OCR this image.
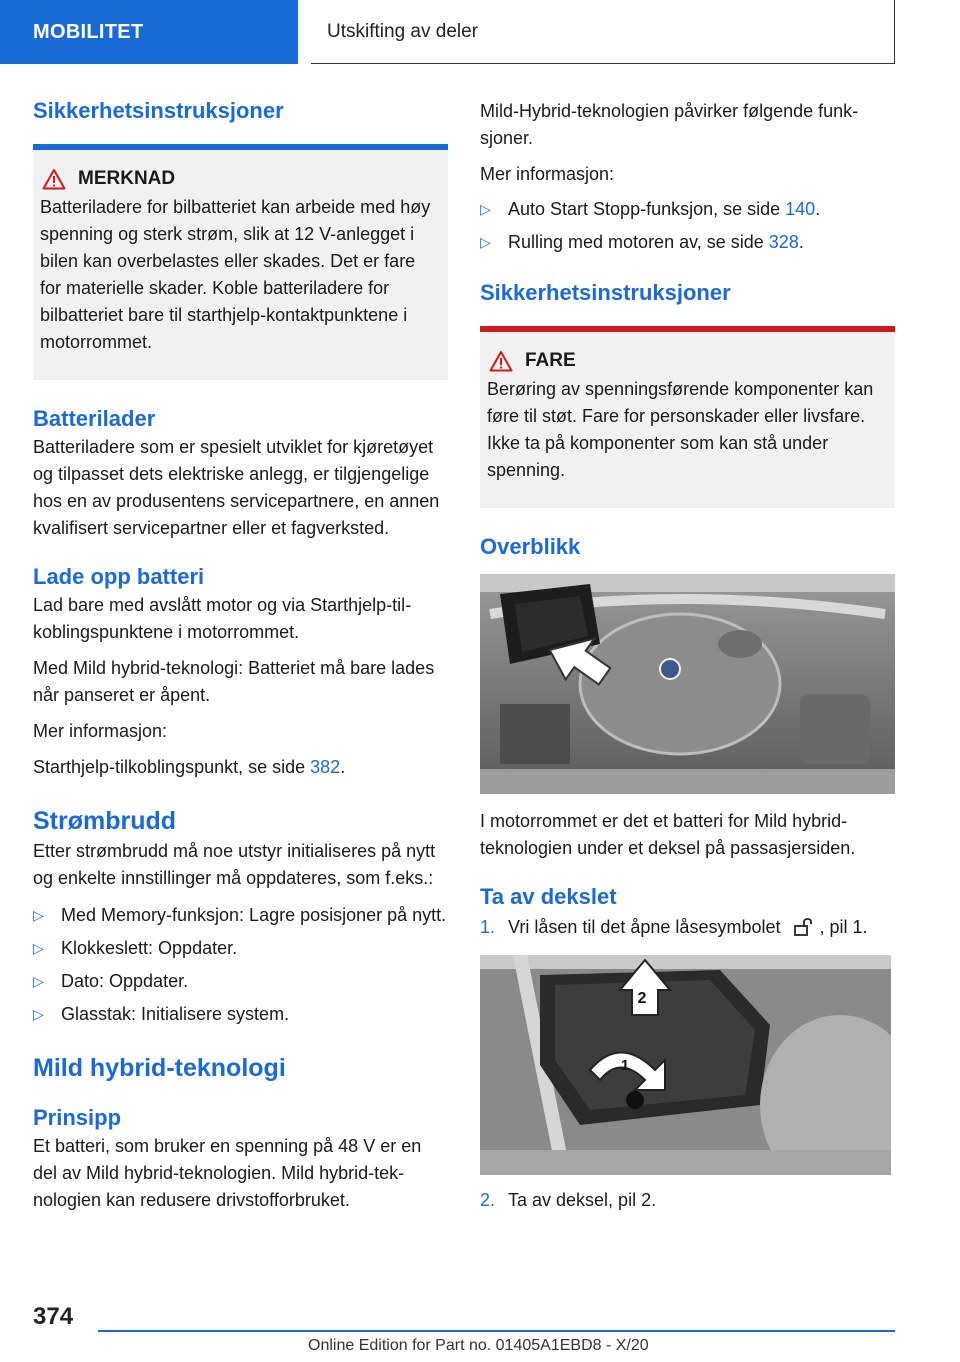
MOBILITET	Utskifting av deler
Sikkerhetsinstruksjoner
MERKNAD

Batteriladere for bilbatteriet kan arbeide med høy spenning og sterk strøm, slik at 12 V-anlegget i bilen kan overbelastes eller skades. Det er fare for materielle skader. Koble batteriladere for bilbatteriet bare til starthjelp-kontaktpunktene i motorrommet.

Batterilader

Batteriladere som er spesielt utviklet for kjøretøyet og tilpasset dets elektriske anlegg, er tilgjengelige hos en av produsentens servicepartnere, en annen kvalifisert servicepartner eller et fagverksted.

Lade opp batteri

Lad bare med avslått motor og via Starthjelp-tilkoblingspunktene i motorrommet.

Med Mild hybrid-teknologi: Batteriet må bare lades når panseret er åpent.

Mer informasjon:

Starthjelp-tilkoblingspunkt, se side 382.

Strømbrudd

Etter strømbrudd må noe utstyr initialiseres på nytt og enkelte innstillinger må oppdateres, som f.eks.:

▷ Med Memory-funksjon: Lagre posisjoner på nytt.
▷ Klokkeslett: Oppdater.
▷ Dato: Oppdater.
▷ Glasstak: Initialisere system.
Mild hybrid-teknologi
Prinsipp

Et batteri, som bruker en spenning på 48 V er en del av Mild hybrid-teknologien. Mild hybrid-teknologien kan redusere drivstofforbruket.

Mild-Hybrid-teknologien påvirker følgende funksjoner.

Mer informasjon:

▷ Auto Start Stopp-funksjon, se side 140.
▷ Rulling med motoren av, se side 328.
Sikkerhetsinstruksjoner
FARE

Berøring av spenningsførende komponenter kan føre til støt. Fare for personskader eller livsfare. Ikke ta på komponenter som kan stå under spenning.

Overblikk

I motorrommet er det et batteri for Mild hybrid-teknologien under et deksel på passasjersiden.

Ta av dekslet
1. Vri låsen til det åpne låsesymbolet , pil 1.
2
1
2. Ta av deksel, pil 2.
374
Online Edition for Part no. 01405A1EBD8 - X/20
